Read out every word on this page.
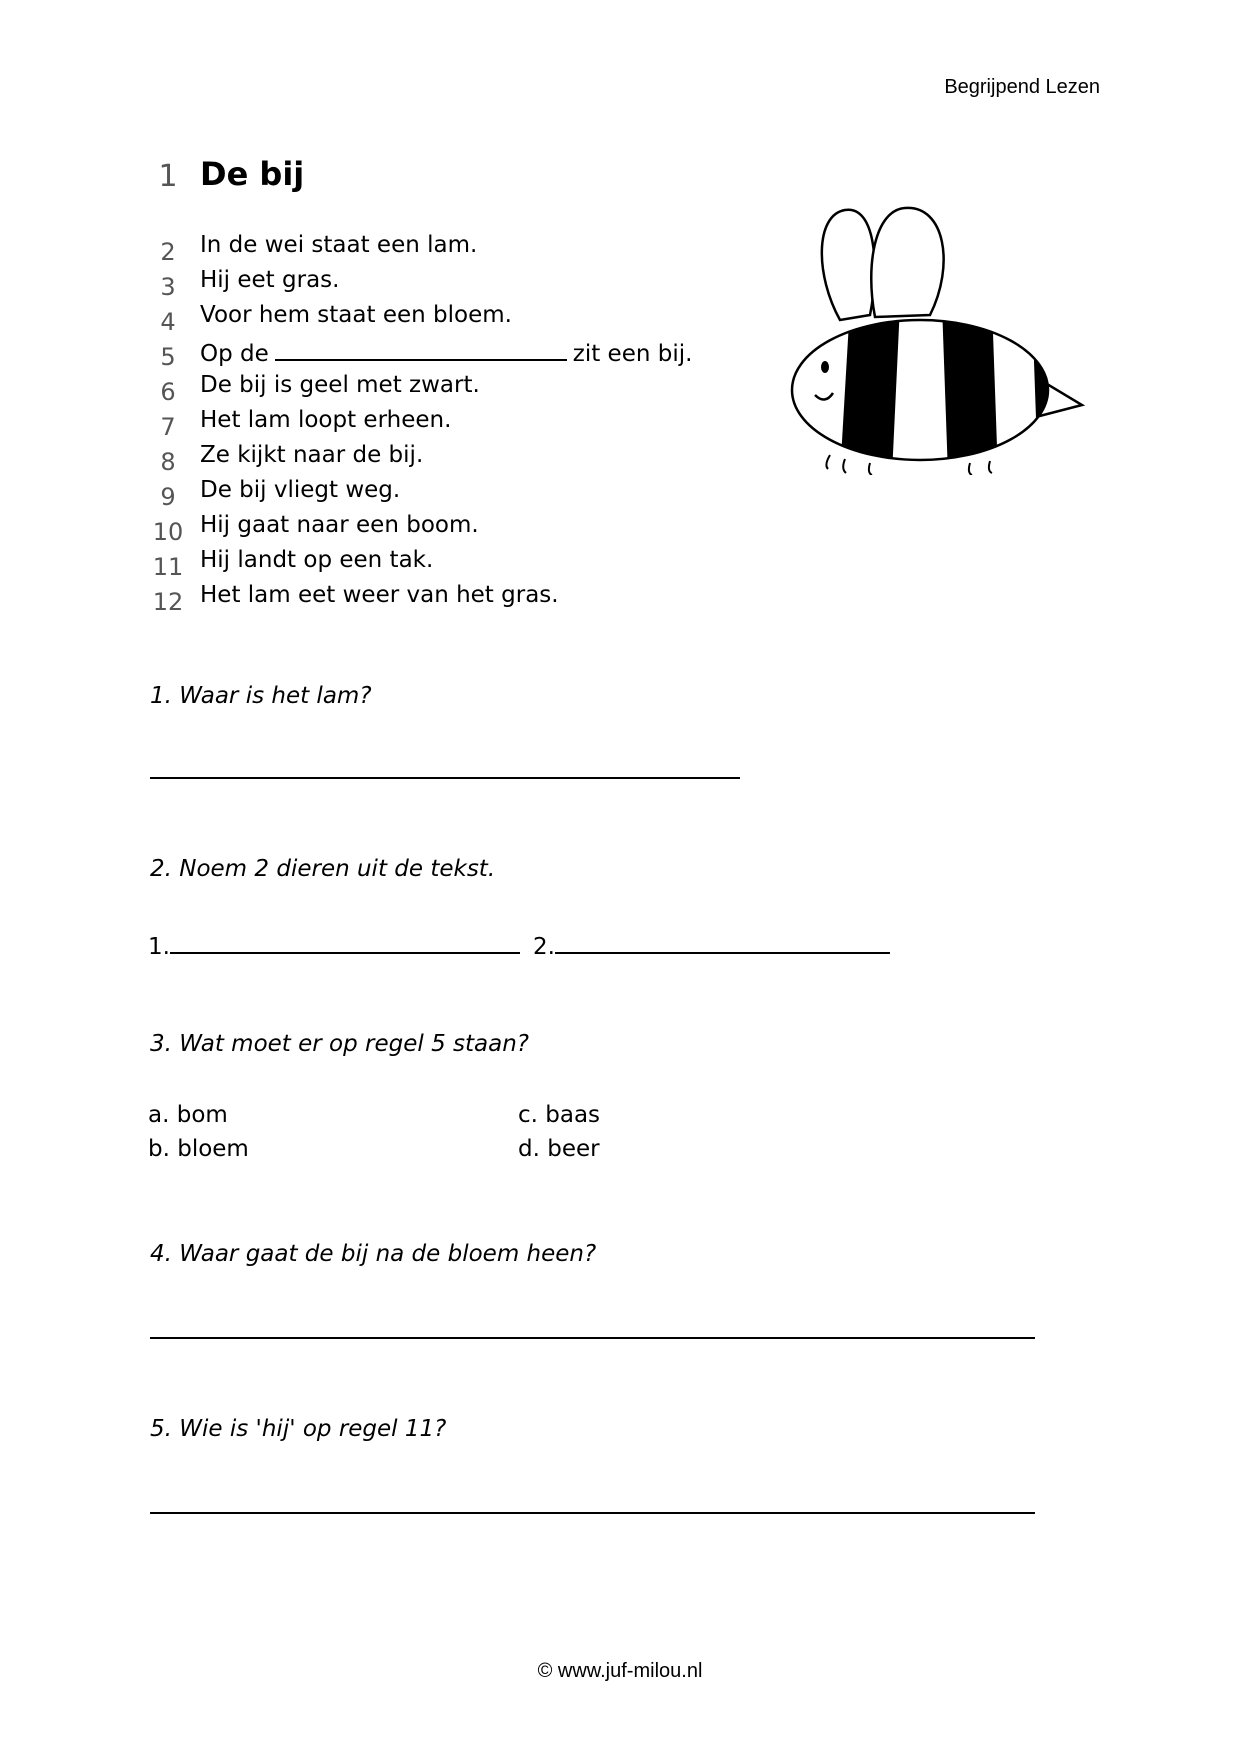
Begrijpend Lezen
1 De bij
2	In de wei staat een lam.
3	Hij eet gras.
4	Voor hem staat een bloem.
5	Op de	zit een bij.
6	De bij is geel met zwart.
7	Het lam loopt erheen.
8	Ze kijkt naar de bij.
9	De bij vliegt weg.
10 Hij gaat naar een boom.
11 Hij landt op een tak.
12 Het lam eet weer van het gras.
1. Waar is het lam?
2. Noem 2 dieren uit de tekst.
1.	2.
3. Wat moet er op regel 5 staan?
a. bom
b. bloem
c. baas
d. beer
4. Waar gaat de bij na de bloem heen?
5. Wie is 'hij' op regel 11?
© www.juf-milou.nl
